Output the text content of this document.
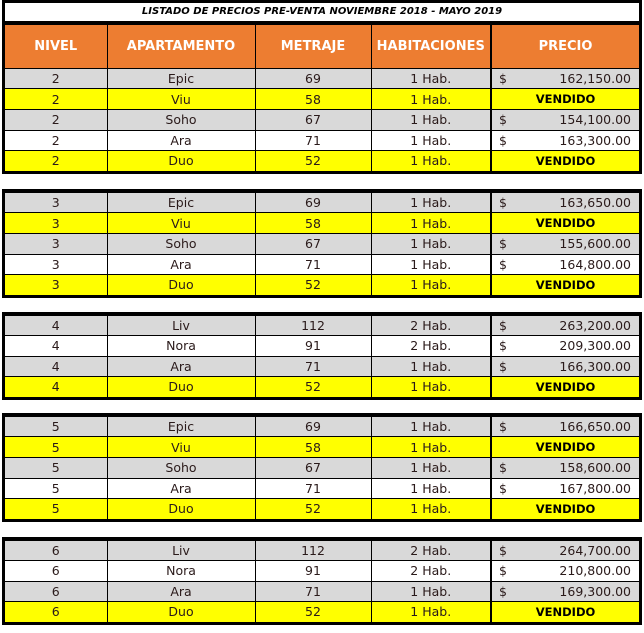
LISTADO DE PRECIOS PRE-VENTA NOVIEMBRE 2018 - MAYO 2019
NIVEL	APARTAMENTO	METRAJE	HABITACIONES	PRECIO
2	Epic	69	1 Hab.	$ 162,150.00

2	Viu	58	1 Hab.	VENDIDO
2	Soho	67	1 Hab.	$ 154,100.00

2	Ara	71	1 Hab.	$ 163,300.00

2	Duo	52	1 Hab.	VENDIDO
3	Epic	69	1 Hab.	$ 163,650.00

3	Viu	58	1 Hab.	VENDIDO
3	Soho	67	1 Hab.	$ 155,600.00

3	Ara	71	1 Hab.	$ 164,800.00

3	Duo	52	1 Hab.	VENDIDO
4	Liv	112	2 Hab.	$ 263,200.00

4	Nora	91	2 Hab.	$ 209,300.00

4	Ara	71	1 Hab.	$ 166,300.00

4	Duo	52	1 Hab.	VENDIDO
5	Epic	69	1 Hab.	$ 166,650.00

5	Viu	58	1 Hab.	VENDIDO
5	Soho	67	1 Hab.	$ 158,600.00

5	Ara	71	1 Hab.	$ 167,800.00

5	Duo	52	1 Hab.	VENDIDO
6	Liv	112	2 Hab.	$ 264,700.00

6	Nora	91	2 Hab.	$ 210,800.00

6	Ara	71	1 Hab.	$ 169,300.00

6	Duo	52	1 Hab.	VENDIDO
